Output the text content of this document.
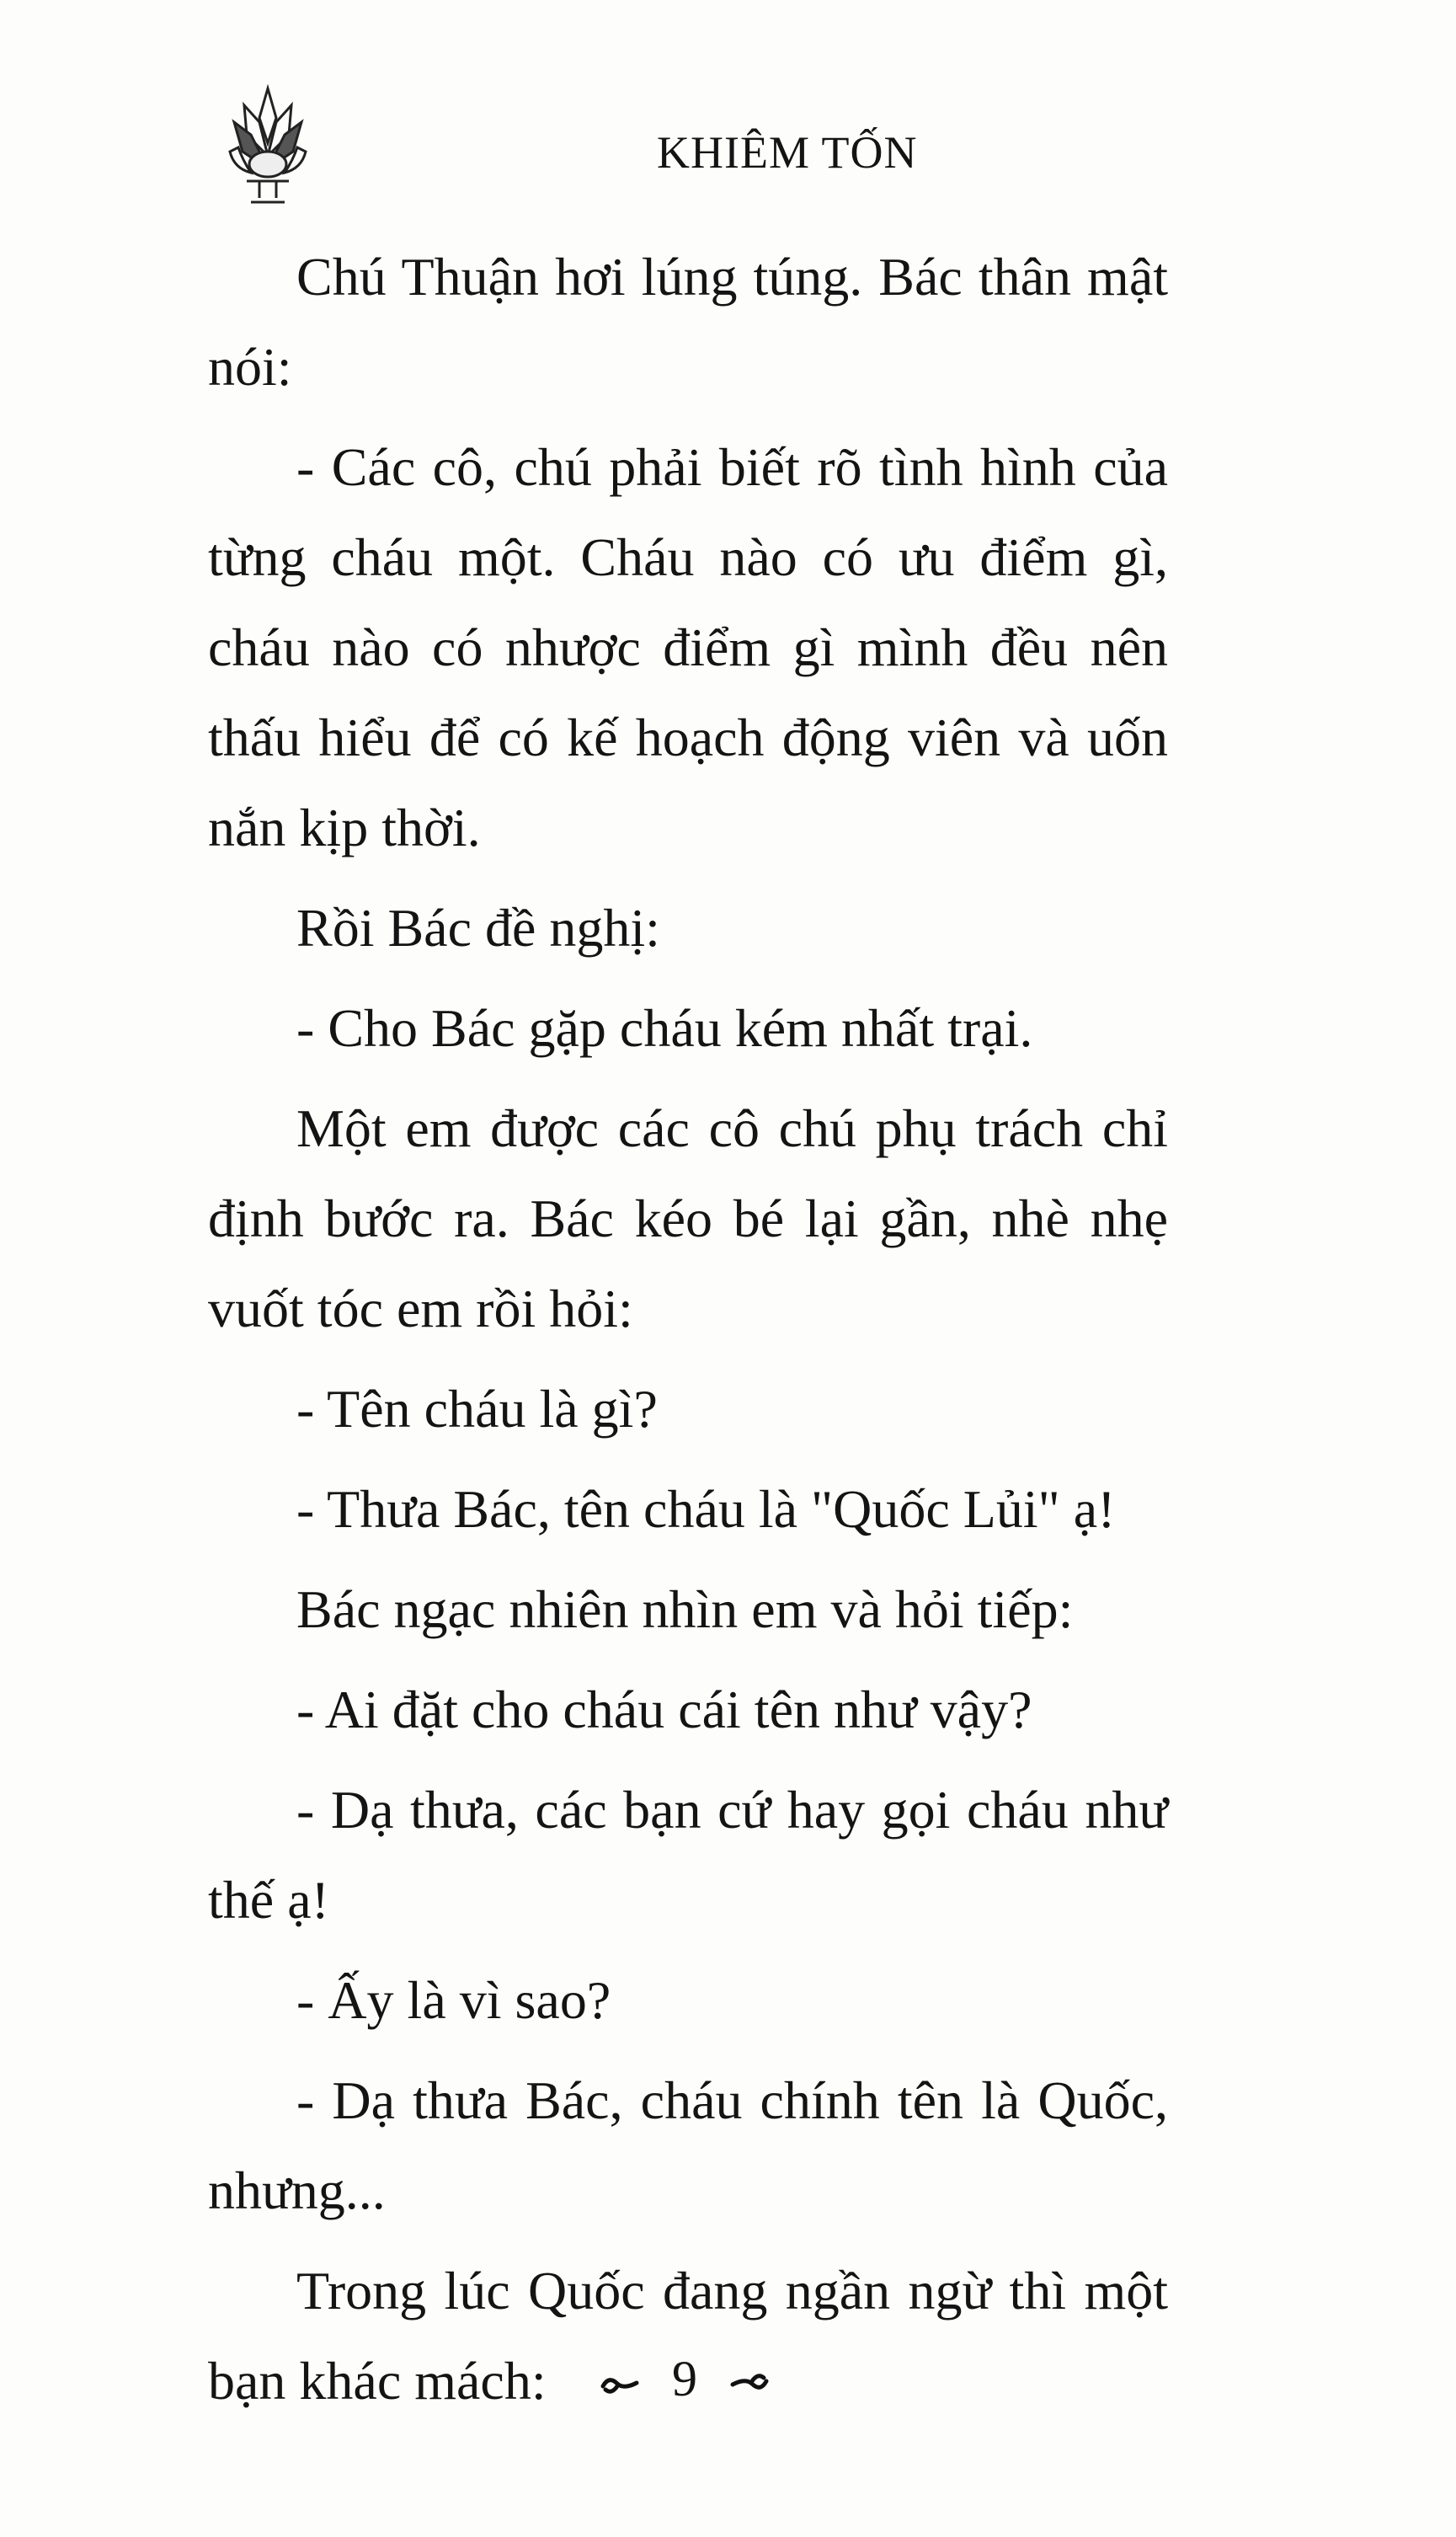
KHIÊM TỐN

Chú Thuận hơi lúng túng. Bác thân mật nói:

- Các cô, chú phải biết rõ tình hình của từng cháu một. Cháu nào có ưu điểm gì, cháu nào có nhược điểm gì mình đều nên thấu hiểu để có kế hoạch động viên và uốn nắn kịp thời.

Rồi Bác đề nghị:

- Cho Bác gặp cháu kém nhất trại.

Một em được các cô chú phụ trách chỉ định bước ra. Bác kéo bé lại gần, nhè nhẹ vuốt tóc em rồi hỏi:

- Tên cháu là gì?

- Thưa Bác, tên cháu là "Quốc Lủi" ạ!

Bác ngạc nhiên nhìn em và hỏi tiếp:

- Ai đặt cho cháu cái tên như vậy?

- Dạ thưa, các bạn cứ hay gọi cháu như thế ạ!

- Ấy là vì sao?

- Dạ thưa Bác, cháu chính tên là Quốc, nhưng...

Trong lúc Quốc đang ngần ngừ thì một bạn khác mách:	9
